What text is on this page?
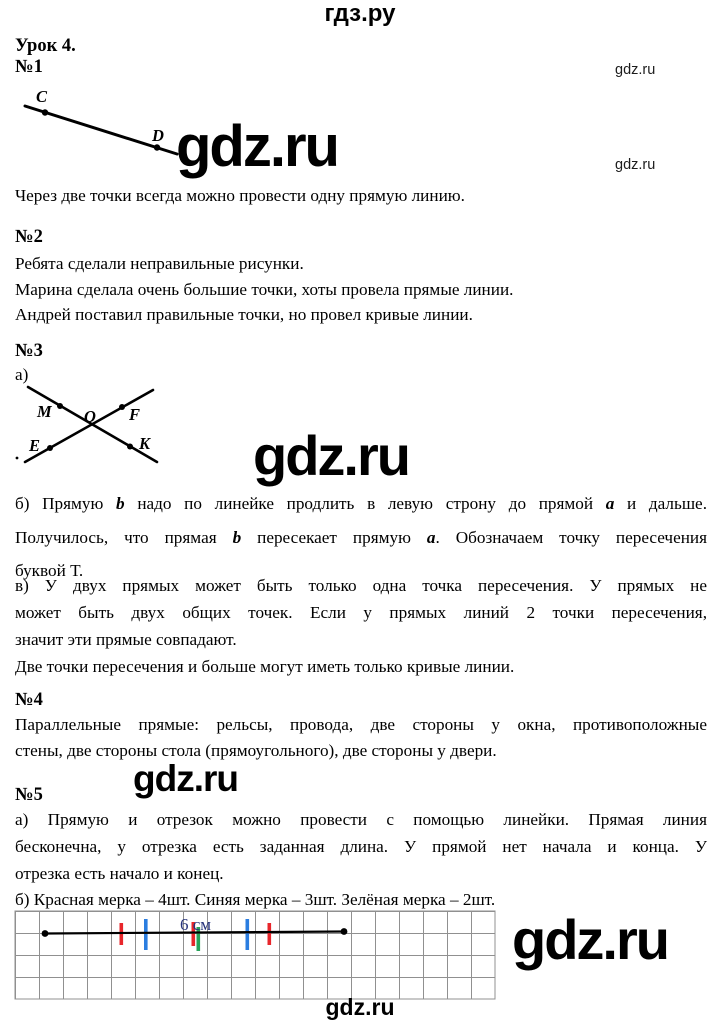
гдз.ру
Урок 4.
№1	gdz.ru
C
D gdz.ru	gdz.ru
Через две точки всегда можно провести одну прямую линию.
№2
Ребята сделали неправильные рисунки.
Марина сделала очень большие точки, хоты провела прямые линии.
Андрей поставил правильные точки, но провел кривые линии.
№3
а)
M O F
E	K gdz.ru
б) Прямую b надо по линейке продлить в левую строну до прямой a и дальше.
Получилось, что прямая b пересекает прямую a. Обозначаем точку пересечения
буквой Т.
в) У двух прямых может быть только одна точка пересечения. У прямых не
может быть двух общих точек. Если у прямых линий 2 точки пересечения,
значит эти прямые совпадают.
Две точки пересечения и больше могут иметь только кривые линии.
№4
Параллельные прямые: рельсы, провода, две стороны у окна, противоположные
стены, две стороны стола (прямоугольного), две стороны у двери.
gdz.ru
№5
а) Прямую и отрезок можно провести с помощью линейки. Прямая линия
бесконечна, у отрезка есть заданная длина. У прямой нет начала и конца. У
отрезка есть начало и конец.
б) Красная мерка – 4шт. Синяя мерка – 3шт. Зелёная мерка – 2шт.
6 см	gdz.ru
gdz.ru
